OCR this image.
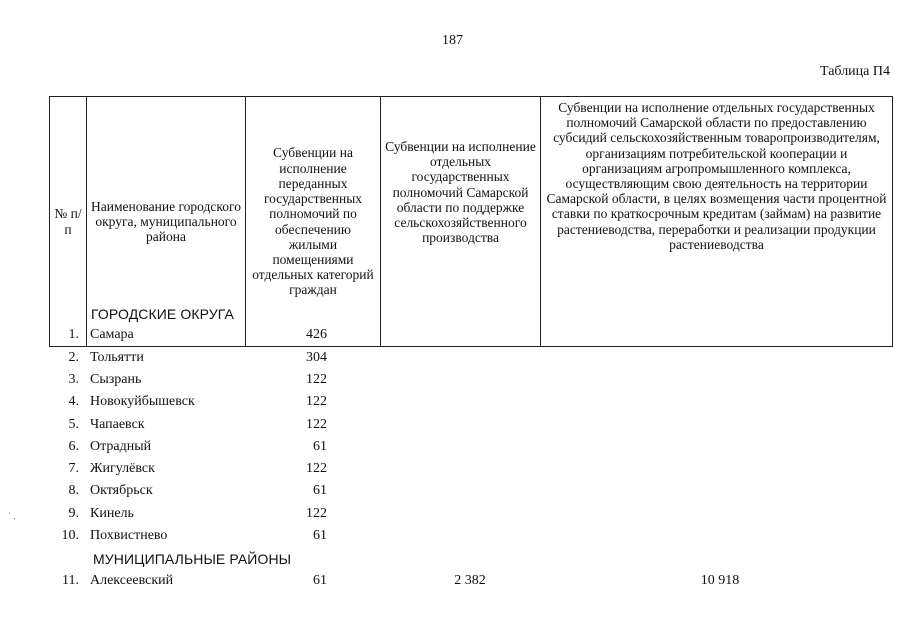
187
Таблица П4
№ п/п	Наименование городского округа, муниципального района	Субвенции на исполнение переданных государственных полномочий по обеспечению жилыми помещениями отдельных категорий граждан	Субвенции на исполнение отдельных государственных полномочий Самарской области по поддержке сельскохозяйственного производства	Субвенции на исполнение отдельных государственных полномочий Самарской области по предоставлению субсидий сельскохозяйственным товаропроизводителям, организациям потребительской кооперации и организациям агропромышленного комплекса, осуществляющим свою деятельность на территории Самарской области, в целях возмещения части процентной ставки по краткосрочным кредитам (займам) на развитие растениеводства, переработки и реализации продукции растениеводства
ГОРОДСКИЕ ОКРУГА
1. Самара	426
2. Тольятти	304
3. Сызрань	122
4. Новокуйбышевск	122
5. Чапаевск	122
6. Отрадный	61
7. Жигулёвск	122
8. Октябрьск	61
9. Кинель	122
10. Похвистнево	61
МУНИЦИПАЛЬНЫЕ РАЙОНЫ
11. Алексеевский	61	2 382	10 918
˙ .
